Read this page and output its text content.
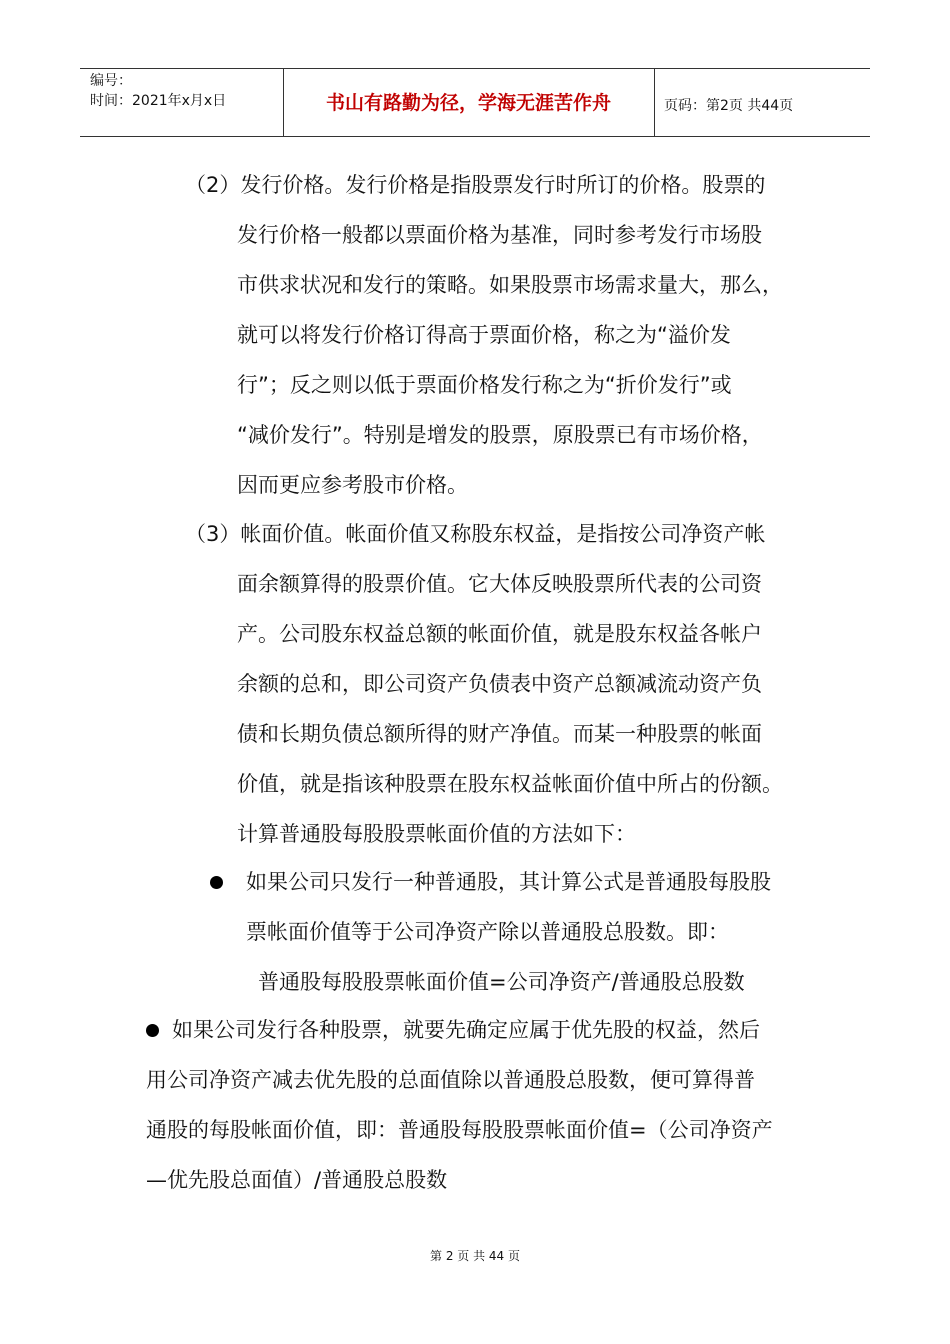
编号：
时间：2021年x月x日	书山有路勤为径，学海无涯苦作舟	页码：第2页 共44页
（2）发行价格。发行价格是指股票发行时所订的价格。股票的
发行价格一般都以票面价格为基准，同时参考发行市场股
市供求状况和发行的策略。如果股票市场需求量大，那么，
就可以将发行价格订得高于票面价格，称之为“溢价发
行”；反之则以低于票面价格发行称之为“折价发行”或
“减价发行”。特别是增发的股票，原股票已有市场价格，
因而更应参考股市价格。
（3）帐面价值。帐面价值又称股东权益，是指按公司净资产帐
面余额算得的股票价值。它大体反映股票所代表的公司资
产。公司股东权益总额的帐面价值，就是股东权益各帐户
余额的总和，即公司资产负债表中资产总额减流动资产负
债和长期负债总额所得的财产净值。而某一种股票的帐面
价值，就是指该种股票在股东权益帐面价值中所占的份额。
计算普通股每股股票帐面价值的方法如下：
如果公司只发行一种普通股，其计算公式是普通股每股股
票帐面价值等于公司净资产除以普通股总股数。即：
普通股每股股票帐面价值=公司净资产/普通股总股数
如果公司发行各种股票，就要先确定应属于优先股的权益，然后
用公司净资产减去优先股的总面值除以普通股总股数，便可算得普
通股的每股帐面价值，即：普通股每股股票帐面价值=（公司净资产
—优先股总面值）/普通股总股数
第 2 页 共 44 页
